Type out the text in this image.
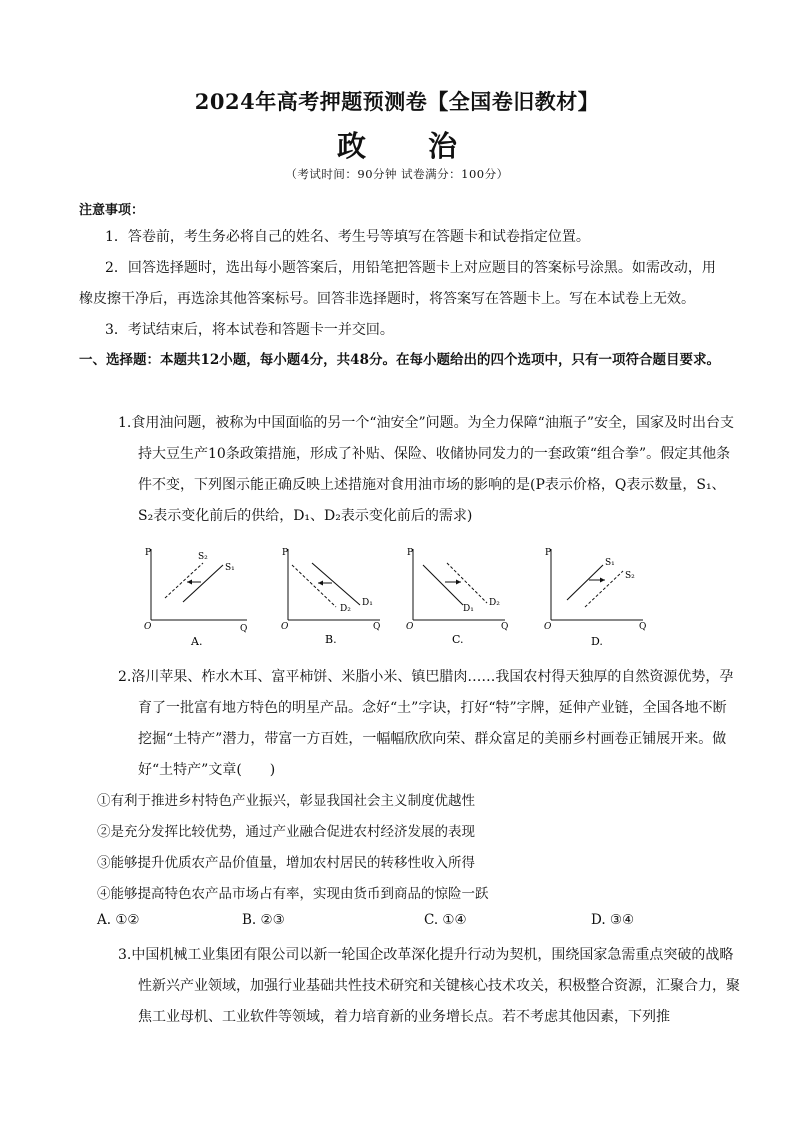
2024年高考押题预测卷【全国卷旧教材】
政 治
（考试时间：90分钟 试卷满分：100分）
注意事项：
1．答卷前，考生务必将自己的姓名、考生号等填写在答题卡和试卷指定位置。
2．回答选择题时，选出每小题答案后，用铅笔把答题卡上对应题目的答案标号涂黑。如需改动，用橡皮擦干净后，再选涂其他答案标号。回答非选择题时，将答案写在答题卡上。写在本试卷上无效。
3．考试结束后，将本试卷和答题卡一并交回。
一、选择题：本题共12小题，每小题4分，共48分。在每小题给出的四个选项中，只有一项符合题目要求。
1.食用油问题，被称为中国面临的另一个“油安全”问题。为全力保障“油瓶子”安全，国家及时出台支持大豆生产10条政策措施，形成了补贴、保险、收储协同发力的一套政策“组合拳”。假定其他条件不变，下列图示能正确反映上述措施对食用油市场的影响的是(P表示价格，Q表示数量，S₁、S₂表示变化前后的供给，D₁、D₂表示变化前后的需求)
P
Q
O
S₁
S₂
A.
P
Q
O
D₁
D₂
B.
P
Q
O
D₁
D₂
C.
P
Q
O
S₁
S₂
D.
2.洛川苹果、柞水木耳、富平柿饼、米脂小米、镇巴腊肉……我国农村得天独厚的自然资源优势，孕育了一批富有地方特色的明星产品。念好“土”字诀，打好“特”字牌，延伸产业链，全国各地不断挖掘“土特产”潜力，带富一方百姓，一幅幅欣欣向荣、群众富足的美丽乡村画卷正铺展开来。做好“土特产”文章(　　)
①有利于推进乡村特色产业振兴，彰显我国社会主义制度优越性
②是充分发挥比较优势，通过产业融合促进农村经济发展的表现
③能够提升优质农产品价值量，增加农村居民的转移性收入所得
④能够提高特色农产品市场占有率，实现由货币到商品的惊险一跃
A. ①②	B. ②③	C. ①④	D. ③④
3.中国机械工业集团有限公司以新一轮国企改革深化提升行动为契机，围绕国家急需重点突破的战略性新兴产业领域，加强行业基础共性技术研究和关键核心技术攻关，积极整合资源，汇聚合力，聚焦工业母机、工业软件等领域，着力培育新的业务增长点。若不考虑其他因素，下列推
